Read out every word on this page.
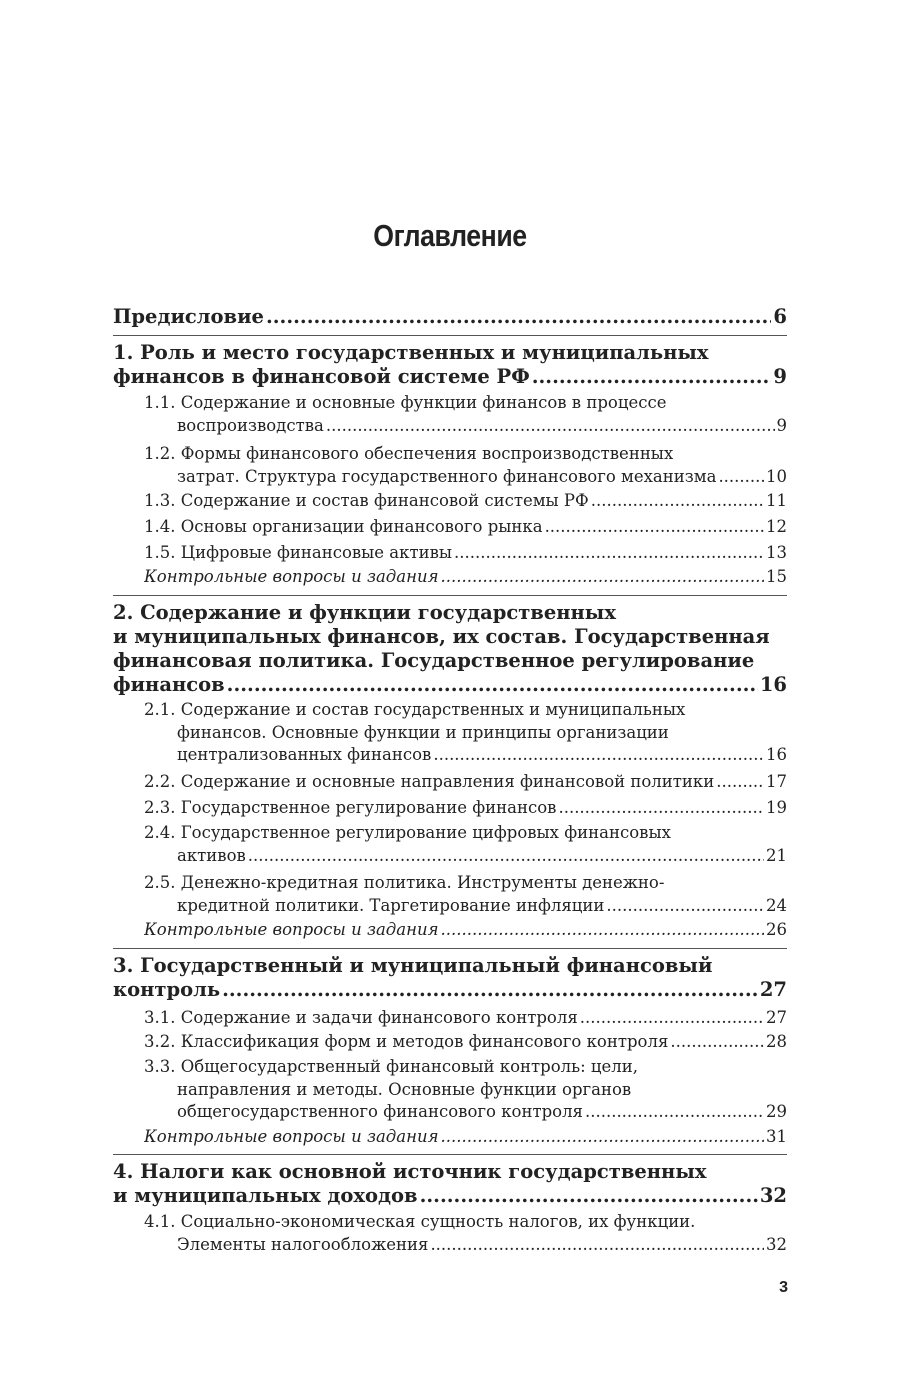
Оглавление
Предисловие .....	6
1. Роль и место государственных и муниципальных
финансов в финансовой системе РФ .....	9
1.1. Содержание и основные функции финансов в процессе
воспроизводства .....	9
1.2. Формы финансового обеспечения воспроизводственных
затрат. Структура государственного финансового механизма .....	10
1.3. Содержание и состав финансовой системы РФ .....	11
1.4. Основы организации финансового рынка .....	12
1.5. Цифровые финансовые активы .....	13
Контрольные вопросы и задания .....	15
2. Содержание и функции государственных
и муниципальных финансов, их состав. Государственная
финансовая политика. Государственное регулирование
финансов .....	16
2.1. Содержание и состав государственных и муниципальных
финансов. Основные функции и принципы организации
централизованных финансов .....	16
2.2. Содержание и основные направления финансовой политики .....	17
2.3. Государственное регулирование финансов .....	19
2.4. Государственное регулирование цифровых финансовых
активов .....	21
2.5. Денежно-кредитная политика. Инструменты денежно-
кредитной политики. Таргетирование инфляции .....	24
Контрольные вопросы и задания .....	26
3. Государственный и муниципальный финансовый
контроль .....	27
3.1. Содержание и задачи финансового контроля .....	27
3.2. Классификация форм и методов финансового контроля .....	28
3.3. Общегосударственный финансовый контроль: цели,
направления и методы. Основные функции органов
общегосударственного финансового контроля .....	29
Контрольные вопросы и задания .....	31
4. Налоги как основной источник государственных
и муниципальных доходов .....	32
4.1. Социально-экономическая сущность налогов, их функции.
Элементы налогообложения .....	32
3
